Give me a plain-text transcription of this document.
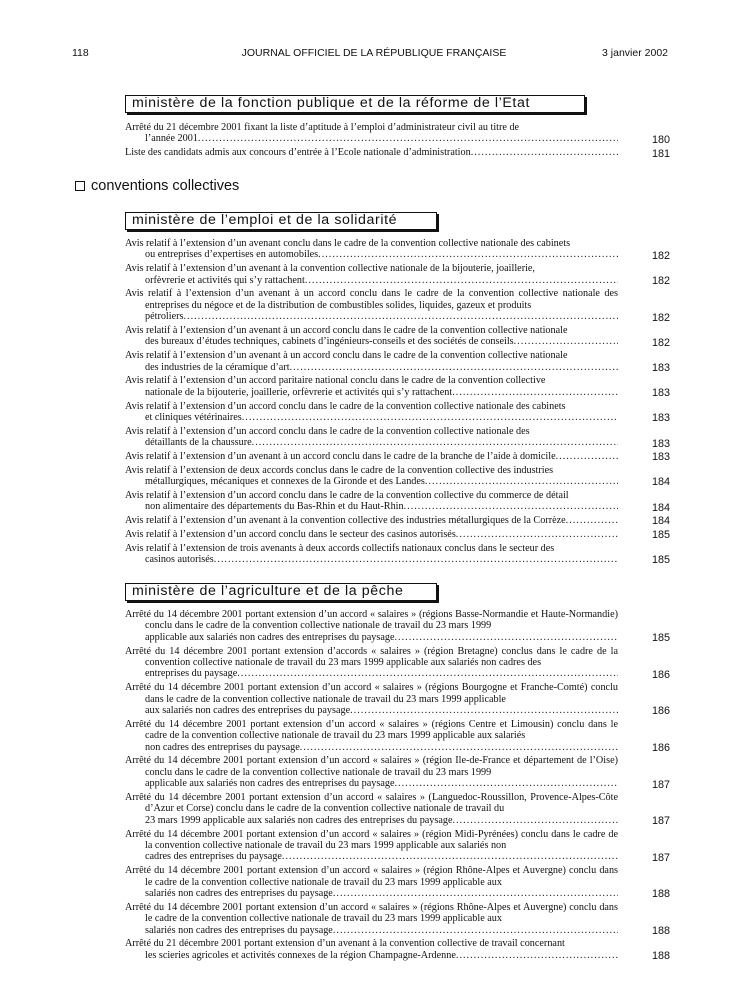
118	JOURNAL OFFICIEL DE LA RÉPUBLIQUE FRANÇAISE	3 janvier 2002
ministère de la fonction publique et de la réforme de l’Etat
Arrêté du 21 décembre 2001 fixant la liste d’aptitude à l’emploi d’administrateur civil au titre de
l’année 2001 .....	180
Liste des candidats admis aux concours d’entrée à l’Ecole nationale d’administration .....	181
conventions collectives
ministère de l’emploi et de la solidarité
Avis relatif à l’extension d’un avenant conclu dans le cadre de la convention collective nationale des cabinets
ou entreprises d’expertises en automobiles .....	182
Avis relatif à l’extension d’un avenant à la convention collective nationale de la bijouterie, joaillerie,
orfèvrerie et activités qui s’y rattachent .....	182
Avis relatif à l’extension d’un avenant à un accord conclu dans le cadre de la convention collective nationale des entreprises du négoce et de la distribution de combustibles solides, liquides, gazeux et produits
pétroliers .....	182
Avis relatif à l’extension d’un avenant à un accord conclu dans le cadre de la convention collective nationale
des bureaux d’études techniques, cabinets d’ingénieurs-conseils et des sociétés de conseils .....	182
Avis relatif à l’extension d’un avenant à un accord conclu dans le cadre de la convention collective nationale
des industries de la céramique d’art .....	183
Avis relatif à l’extension d’un accord paritaire national conclu dans le cadre de la convention collective
nationale de la bijouterie, joaillerie, orfèvrerie et activités qui s’y rattachent .....	183
Avis relatif à l’extension d’un accord conclu dans le cadre de la convention collective nationale des cabinets
et cliniques vétérinaires .....	183
Avis relatif à l’extension d’un accord conclu dans le cadre de la convention collective nationale des
détaillants de la chaussure .....	183
Avis relatif à l’extension d’un avenant à un accord conclu dans le cadre de la branche de l’aide à domicile .....	183
Avis relatif à l’extension de deux accords conclus dans le cadre de la convention collective des industries
métallurgiques, mécaniques et connexes de la Gironde et des Landes .....	184
Avis relatif à l’extension d’un accord conclu dans le cadre de la convention collective du commerce de détail
non alimentaire des départements du Bas-Rhin et du Haut-Rhin .....	184
Avis relatif à l’extension d’un avenant à la convention collective des industries métallurgiques de la Corrèze .....	184
Avis relatif à l’extension d’un accord conclu dans le secteur des casinos autorisés .....	185
Avis relatif à l’extension de trois avenants à deux accords collectifs nationaux conclus dans le secteur des
casinos autorisés .....	185
ministère de l’agriculture et de la pêche
Arrêté du 14 décembre 2001 portant extension d’un accord « salaires » (régions Basse-Normandie et Haute-Normandie) conclu dans le cadre de la convention collective nationale de travail du 23 mars 1999
applicable aux salariés non cadres des entreprises du paysage .....	185
Arrêté du 14 décembre 2001 portant extension d’accords « salaires » (région Bretagne) conclus dans le cadre de la convention collective nationale de travail du 23 mars 1999 applicable aux salariés non cadres des
entreprises du paysage .....	186
Arrêté du 14 décembre 2001 portant extension d’un accord « salaires » (régions Bourgogne et Franche-Comté) conclu dans le cadre de la convention collective nationale de travail du 23 mars 1999 applicable
aux salariés non cadres des entreprises du paysage .....	186
Arrêté du 14 décembre 2001 portant extension d’un accord « salaires » (régions Centre et Limousin) conclu dans le cadre de la convention collective nationale de travail du 23 mars 1999 applicable aux salariés
non cadres des entreprises du paysage .....	186
Arrêté du 14 décembre 2001 portant extension d’un accord « salaires » (région Ile-de-France et département de l’Oise) conclu dans le cadre de la convention collective nationale de travail du 23 mars 1999
applicable aux salariés non cadres des entreprises du paysage .....	187
Arrêté du 14 décembre 2001 portant extension d’un accord « salaires » (Languedoc-Roussillon, Provence-Alpes-Côte d’Azur et Corse) conclu dans le cadre de la convention collective nationale de travail du
23 mars 1999 applicable aux salariés non cadres des entreprises du paysage .....	187
Arrêté du 14 décembre 2001 portant extension d’un accord « salaires » (région Midi-Pyrénées) conclu dans le cadre de la convention collective nationale de travail du 23 mars 1999 applicable aux salariés non
cadres des entreprises du paysage .....	187
Arrêté du 14 décembre 2001 portant extension d’un accord « salaires » (région Rhône-Alpes et Auvergne) conclu dans le cadre de la convention collective nationale de travail du 23 mars 1999 applicable aux
salariés non cadres des entreprises du paysage .....	188
Arrêté du 14 décembre 2001 portant extension d’un accord « salaires » (régions Rhône-Alpes et Auvergne) conclu dans le cadre de la convention collective nationale de travail du 23 mars 1999 applicable aux
salariés non cadres des entreprises du paysage .....	188
Arrêté du 21 décembre 2001 portant extension d’un avenant à la convention collective de travail concernant
les scieries agricoles et activités connexes de la région Champagne-Ardenne .....	188
